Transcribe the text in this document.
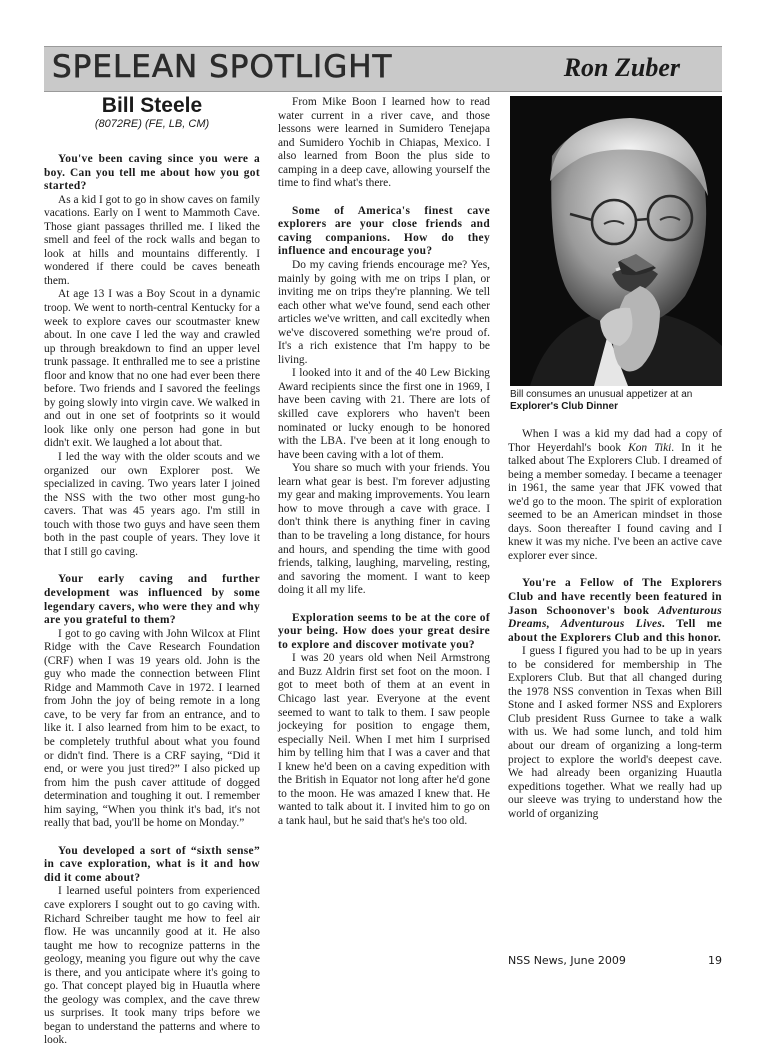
SPELEAN SPOTLIGHT	Ron Zuber
Bill Steele
(8072RE) (FE, LB, CM)

You've been caving since you were a boy. Can you tell me about how you got started?

As a kid I got to go in show caves on family vacations. Early on I went to Mammoth Cave. Those giant passages thrilled me. I liked the smell and feel of the rock walls and began to look at hills and mountains differently. I wondered if there could be caves beneath them.

At age 13 I was a Boy Scout in a dynamic troop. We went to north-central Kentucky for a week to explore caves our scoutmaster knew about. In one cave I led the way and crawled up through breakdown to find an upper level trunk passage. It enthralled me to see a pristine floor and know that no one had ever been there before. Two friends and I savored the feelings by going slowly into virgin cave. We walked in and out in one set of footprints so it would look like only one person had gone in but didn't exit. We laughed a lot about that.

I led the way with the older scouts and we organized our own Explorer post. We specialized in caving. Two years later I joined the NSS with the two other most gung-ho cavers. That was 45 years ago. I'm still in touch with those two guys and have seen them both in the past couple of years. They love it that I still go caving.

Your early caving and further development was influenced by some legendary cavers, who were they and why are you grateful to them?

I got to go caving with John Wilcox at Flint Ridge with the Cave Research Foundation (CRF) when I was 19 years old. John is the guy who made the connection between Flint Ridge and Mammoth Cave in 1972. I learned from John the joy of being remote in a long cave, to be very far from an entrance, and to like it. I also learned from him to be exact, to be completely truthful about what you found or didn't find. There is a CRF saying, “Did it end, or were you just tired?” I also picked up from him the push caver attitude of dogged determination and toughing it out. I remember him saying, “When you think it's bad, it's not really that bad, you'll be home on Monday.”

You developed a sort of “sixth sense” in cave exploration, what is it and how did it come about?

I learned useful pointers from experienced cave explorers I sought out to go caving with. Richard Schreiber taught me how to feel air flow. He was uncannily good at it. He also taught me how to recognize patterns in the geology, meaning you figure out why the cave is there, and you anticipate where it's going to go. That concept played big in Huautla where the geology was complex, and the cave threw us surprises. It took many trips before we began to understand the patterns and where to look.

From Mike Boon I learned how to read water current in a river cave, and those lessons were learned in Sumidero Tenejapa and Sumidero Yochib in Chiapas, Mexico. I also learned from Boon the plus side to camping in a deep cave, allowing yourself the time to find what's there.

Some of America's finest cave explorers are your close friends and caving companions. How do they influence and encourage you?

Do my caving friends encourage me? Yes, mainly by going with me on trips I plan, or inviting me on trips they're planning. We tell each other what we've found, send each other articles we've written, and call excitedly when we've discovered something we're proud of. It's a rich existence that I'm happy to be living.

I looked into it and of the 40 Lew Bicking Award recipients since the first one in 1969, I have been caving with 21. There are lots of skilled cave explorers who haven't been nominated or lucky enough to be honored with the LBA. I've been at it long enough to have been caving with a lot of them.

You share so much with your friends. You learn what gear is best. I'm forever adjusting my gear and making improvements. You learn how to move through a cave with grace. I don't think there is anything finer in caving than to be traveling a long distance, for hours and hours, and spending the time with good friends, talking, laughing, marveling, resting, and savoring the moment. I want to keep doing it all my life.

Exploration seems to be at the core of your being. How does your great desire to explore and discover motivate you?

I was 20 years old when Neil Armstrong and Buzz Aldrin first set foot on the moon. I got to meet both of them at an event in Chicago last year. Everyone at the event seemed to want to talk to them. I saw people jockeying for position to engage them, especially Neil. When I met him I surprised him by telling him that I was a caver and that I knew he'd been on a caving expedition with the British in Equator not long after he'd gone to the moon. He was amazed I knew that. He wanted to talk about it. I invited him to go on a tank haul, but he said that's he's too old.

Bill consumes an unusual appetizer at an
Explorer's Club Dinner

When I was a kid my dad had a copy of Thor Heyerdahl's book Kon Tiki. In it he talked about The Explorers Club. I dreamed of being a member someday. I became a teenager in 1961, the same year that JFK vowed that we'd go to the moon. The spirit of exploration seemed to be an American mindset in those days. Soon thereafter I found caving and I knew it was my niche. I've been an active cave explorer ever since.

You're a Fellow of The Explorers Club and have recently been featured in Jason Schoonover's book Adventurous Dreams, Adventurous Lives. Tell me about the Explorers Club and this honor.

I guess I figured you had to be up in years to be considered for membership in The Explorers Club. But that all changed during the 1978 NSS convention in Texas when Bill Stone and I asked former NSS and Explorers Club president Russ Gurnee to take a walk with us. We had some lunch, and told him about our dream of organizing a long-term project to explore the world's deepest cave. We had already been organizing Huautla expeditions together. What we really had up our sleeve was trying to understand how the world of organizing

NSS News, June 2009	19
